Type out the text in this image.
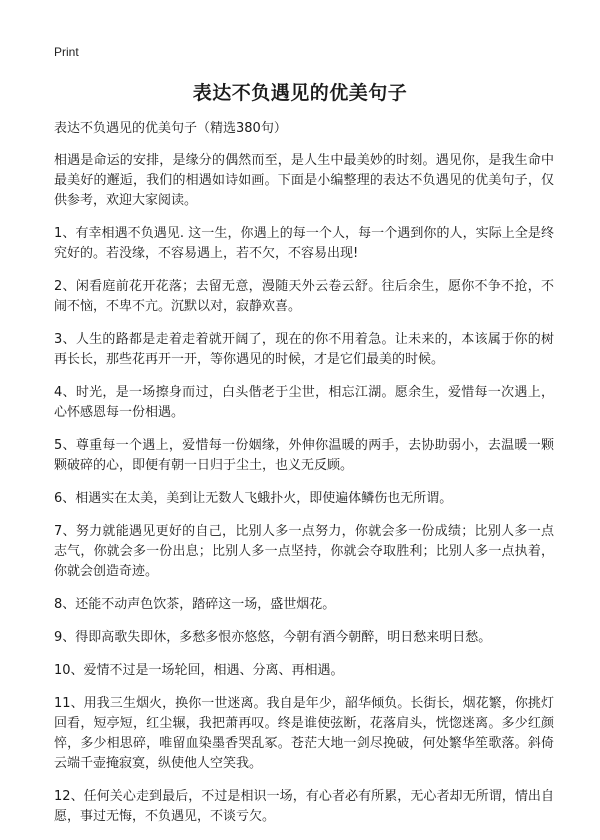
Print
表达不负遇见的优美句子
表达不负遇见的优美句子（精选380句）

相遇是命运的安排，是缘分的偶然而至，是人生中最美妙的时刻。遇见你，是我生命中最美好的邂逅，我们的相遇如诗如画。下面是小编整理的表达不负遇见的优美句子，仅供参考，欢迎大家阅读。

1、有幸相遇不负遇见. 这一生，你遇上的每一个人，每一个遇到你的人，实际上全是终究好的。若没缘，不容易遇上，若不欠，不容易出现!

2、闲看庭前花开花落；去留无意，漫随天外云卷云舒。往后余生，愿你不争不抢，不闹不恼，不卑不亢。沉默以对，寂静欢喜。

3、人生的路都是走着走着就开阔了，现在的你不用着急。让未来的，本该属于你的树再长长，那些花再开一开，等你遇见的时候，才是它们最美的时候。

4、时光，是一场擦身而过，白头偕老于尘世，相忘江湖。愿余生，爱惜每一次遇上，心怀感恩每一份相遇。

5、尊重每一个遇上，爱惜每一份姻缘，外伸你温暖的两手，去协助弱小，去温暖一颗颗破碎的心，即便有朝一日归于尘土，也义无反顾。

6、相遇实在太美，美到让无数人飞蛾扑火，即使遍体鳞伤也无所谓。

7、努力就能遇见更好的自己，比别人多一点努力，你就会多一份成绩；比别人多一点志气，你就会多一份出息；比别人多一点坚持，你就会夺取胜利；比别人多一点执着，你就会创造奇迹。

8、还能不动声色饮茶，踏碎这一场，盛世烟花。

9、得即高歌失即休，多愁多恨亦悠悠，今朝有酒今朝醉，明日愁来明日愁。

10、爱情不过是一场轮回，相遇、分离、再相遇。

11、用我三生烟火，换你一世迷离。我自是年少，韶华倾负。长街长，烟花繁，你挑灯回看，短亭短，红尘辗，我把萧再叹。终是谁使弦断，花落肩头，恍惚迷离。多少红颜悴，多少相思碎，唯留血染墨香哭乱冢。苍茫大地一剑尽挽破，何处繁华笙歌落。斜倚云端千壶掩寂寞，纵使他人空笑我。

12、任何关心走到最后，不过是相识一场，有心者必有所累，无心者却无所谓，情出自愿，事过无悔，不负遇见，不谈亏欠。
